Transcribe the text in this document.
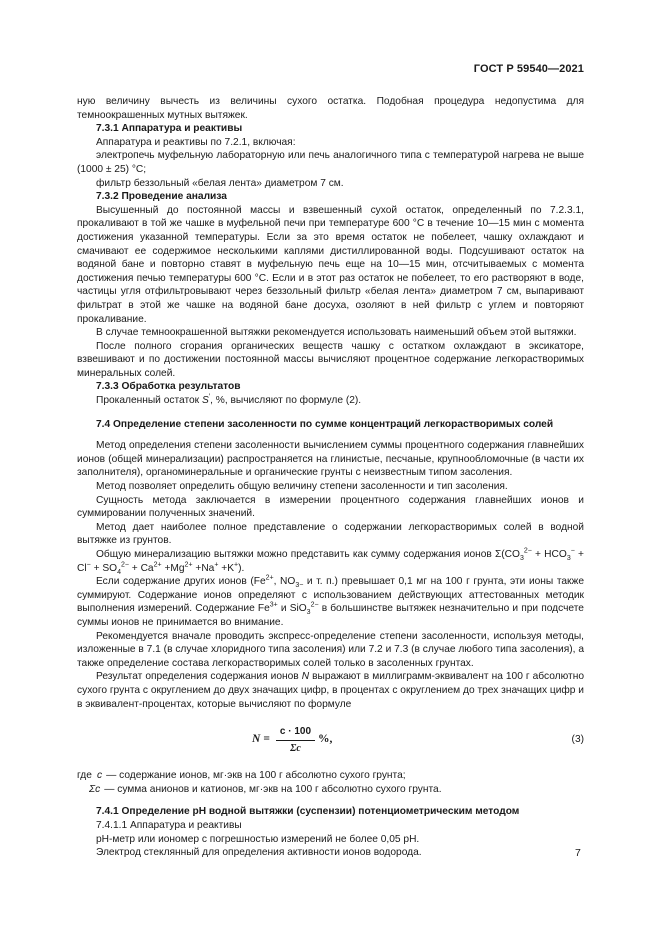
ГОСТ Р 59540—2021

ную величину вычесть из величины сухого остатка. Подобная процедура недопустима для темноокрашенных мутных вытяжек.

7.3.1 Аппаратура и реактивы

Аппаратура и реактивы по 7.2.1, включая:

электропечь муфельную лабораторную или печь аналогичного типа с температурой нагрева не выше (1000 ± 25) °С;

фильтр беззольный «белая лента» диаметром 7 см.

7.3.2 Проведение анализа

Высушенный до постоянной массы и взвешенный сухой остаток, определенный по 7.2.3.1, прокаливают в той же чашке в муфельной печи при температуре 600 °С в течение 10—15 мин с момента достижения указанной температуры. Если за это время остаток не побелеет, чашку охлаждают и смачивают ее содержимое несколькими каплями дистиллированной воды. Подсушивают остаток на водяной бане и повторно ставят в муфельную печь еще на 10—15 мин, отсчитываемых с момента достижения печью температуры 600 °С. Если и в этот раз остаток не побелеет, то его растворяют в воде, частицы угля отфильтровывают через беззольный фильтр «белая лента» диаметром 7 см, выпаривают фильтрат в этой же чашке на водяной бане досуха, озоляют в ней фильтр с углем и повторяют прокаливание.

В случае темноокрашенной вытяжки рекомендуется использовать наименьший объем этой вытяжки.

После полного сгорания органических веществ чашку с остатком охлаждают в эксикаторе, взвешивают и по достижении постоянной массы вычисляют процентное содержание легкорастворимых минеральных солей.

7.3.3 Обработка результатов

Прокаленный остаток S′, %, вычисляют по формуле (2).

7.4 Определение степени засоленности по сумме концентраций легкорастворимых солей

Метод определения степени засоленности вычислением суммы процентного содержания главнейших ионов (общей минерализации) распространяется на глинистые, песчаные, крупнообломочные (в части их заполнителя), органоминеральные и органические грунты с неизвестным типом засоления.

Метод позволяет определить общую величину степени засоленности и тип засоления.

Сущность метода заключается в измерении процентного содержания главнейших ионов и суммировании полученных значений.

Метод дает наиболее полное представление о содержании легкорастворимых солей в водной вытяжке из грунтов.

Общую минерализацию вытяжки можно представить как сумму содержания ионов $\Sigma(CO_3^{2-} + HCO_3^- + Cl^- + SO_4^{2-} + Ca^{2+} +Mg^{2+} +Na^+ +K^+)$.

Если содержание других ионов ($Fe^{2+}$, $NO_{3-}$ и т. п.) превышает 0,1 мг на 100 г грунта, эти ионы также суммируют. Содержание ионов определяют с использованием действующих аттестованных методик выполнения измерений. Содержание $Fe^{3+}$ и SiO$_3^{2-}$ в большинстве вытяжек незначительно и при подсчете суммы ионов не принимается во внимание.

Рекомендуется вначале проводить экспресс-определение степени засоленности, используя методы, изложенные в 7.1 (в случае хлоридного типа засоления) или 7.2 и 7.3 (в случае любого типа засоления), а также определение состава легкорастворимых солей только в засоленных грунтах.

Результат определения содержания ионов N выражают в миллиграмм-эквивалент на 100 г абсолютно сухого грунта с округлением до двух значащих цифр, в процентах с округлением до трех значащих цифр и в эквивалент-процентах, которые вычисляют по формуле

$N = \frac{c \cdot 100}{\Sigma c}$ %,	(3)
где c — содержание ионов, мг·экв на 100 г абсолютно сухого грунта;
Σc — сумма анионов и катионов, мг·экв на 100 г абсолютно сухого грунта.
7.4.1 Определение рН водной вытяжки (суспензии) потенциометрическим методом

7.4.1.1 Аппаратура и реактивы

рН-метр или иономер с погрешностью измерений не более 0,05 рН.

Электрод стеклянный для определения активности ионов водорода.	7
